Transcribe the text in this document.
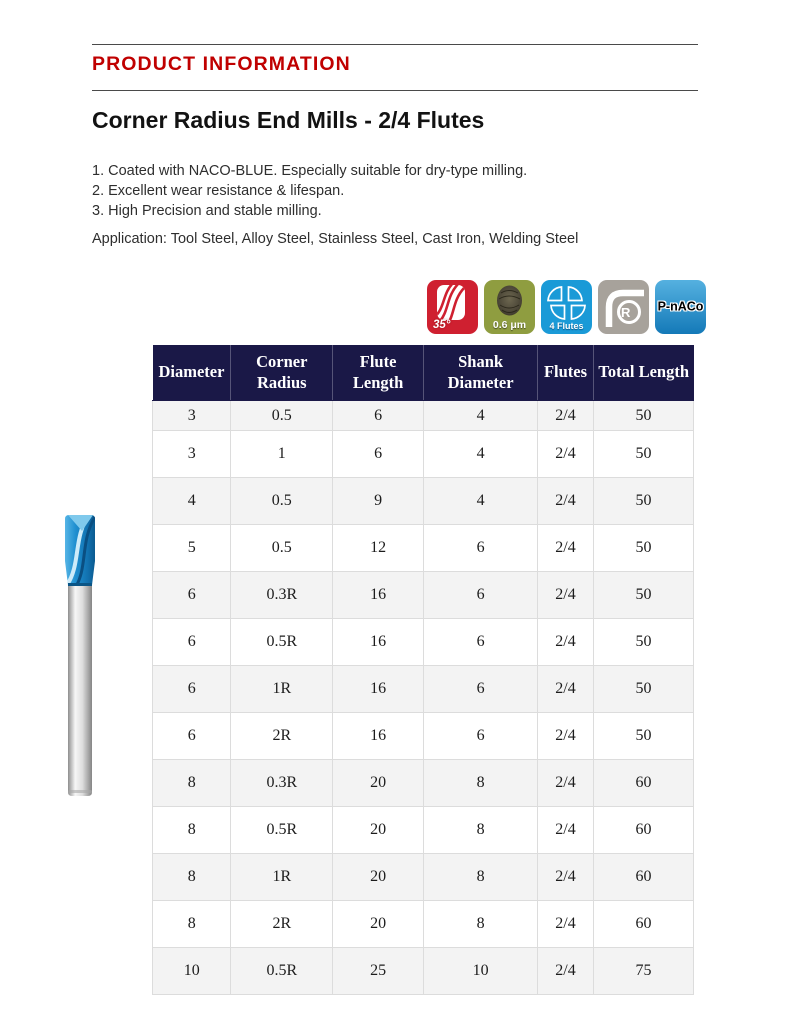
PRODUCT INFORMATION
Corner Radius End Mills - 2/4 Flutes
1. Coated with NACO-BLUE. Especially suitable for dry-type milling.
2. Excellent wear resistance & lifespan.
3. High Precision and stable milling.
Application: Tool Steel, Alloy Steel, Stainless Steel, Cast Iron, Welding Steel
35°	0.6 μm	4 Flutes
R P-nACo
Diameter	Corner Radius	Flute Length	Shank Diameter	Flutes	Total Length
3	0.5	6	4	2/4	50
3	1	6	4	2/4	50
4	0.5	9	4	2/4	50
5	0.5	12	6	2/4	50
6	0.3R	16	6	2/4	50
6	0.5R	16	6	2/4	50
6	1R	16	6	2/4	50
6	2R	16	6	2/4	50
8	0.3R	20	8	2/4	60
8	0.5R	20	8	2/4	60
8	1R	20	8	2/4	60
8	2R	20	8	2/4	60
10	0.5R	25	10	2/4	75
